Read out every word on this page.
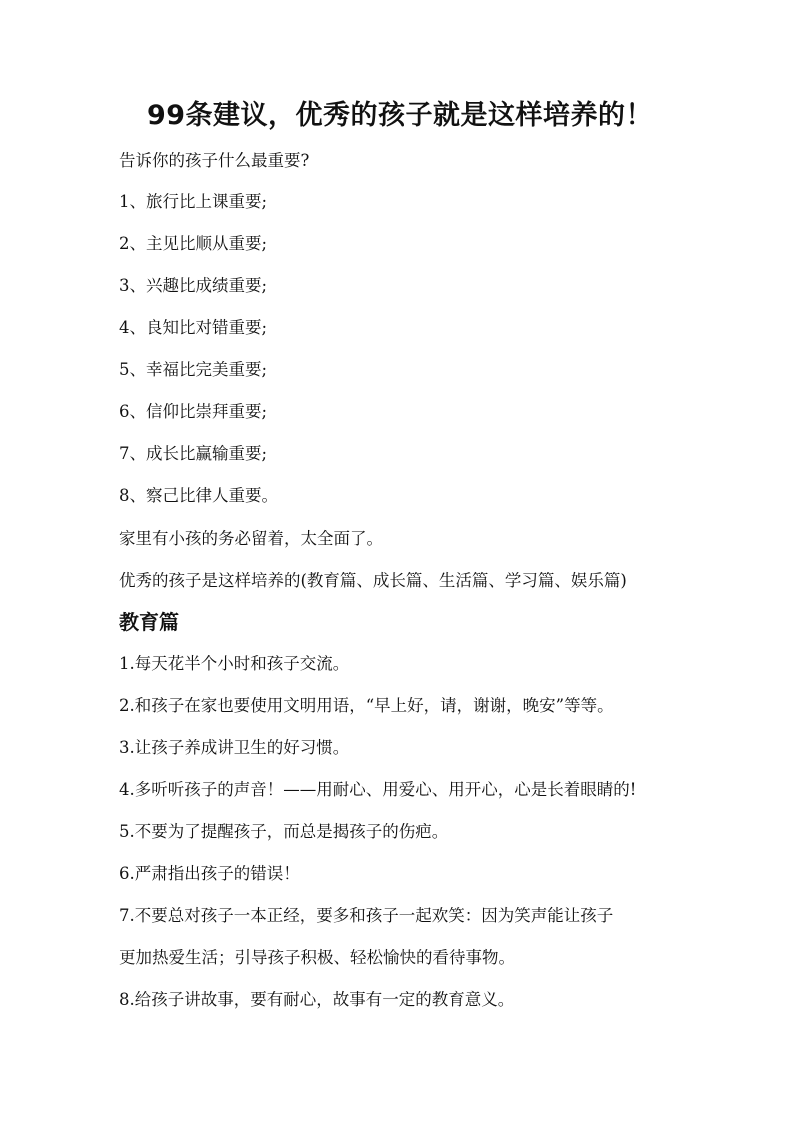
99条建议，优秀的孩子就是这样培养的！
告诉你的孩子什么最重要?
1、旅行比上课重要;
2、主见比顺从重要;
3、兴趣比成绩重要;
4、良知比对错重要;
5、幸福比完美重要;
6、信仰比崇拜重要;
7、成长比赢输重要;
8、察己比律人重要。
家里有小孩的务必留着，太全面了。
优秀的孩子是这样培养的(教育篇、成长篇、生活篇、学习篇、娱乐篇)
教育篇
1.每天花半个小时和孩子交流。
2.和孩子在家也要使用文明用语，“早上好，请，谢谢，晚安”等等。
3.让孩子养成讲卫生的好习惯。
4.多听听孩子的声音！——用耐心、用爱心、用开心，心是长着眼睛的!
5.不要为了提醒孩子，而总是揭孩子的伤疤。
6.严肃指出孩子的错误！
7.不要总对孩子一本正经，要多和孩子一起欢笑：因为笑声能让孩子
更加热爱生活；引导孩子积极、轻松愉快的看待事物。
8.给孩子讲故事，要有耐心，故事有一定的教育意义。
